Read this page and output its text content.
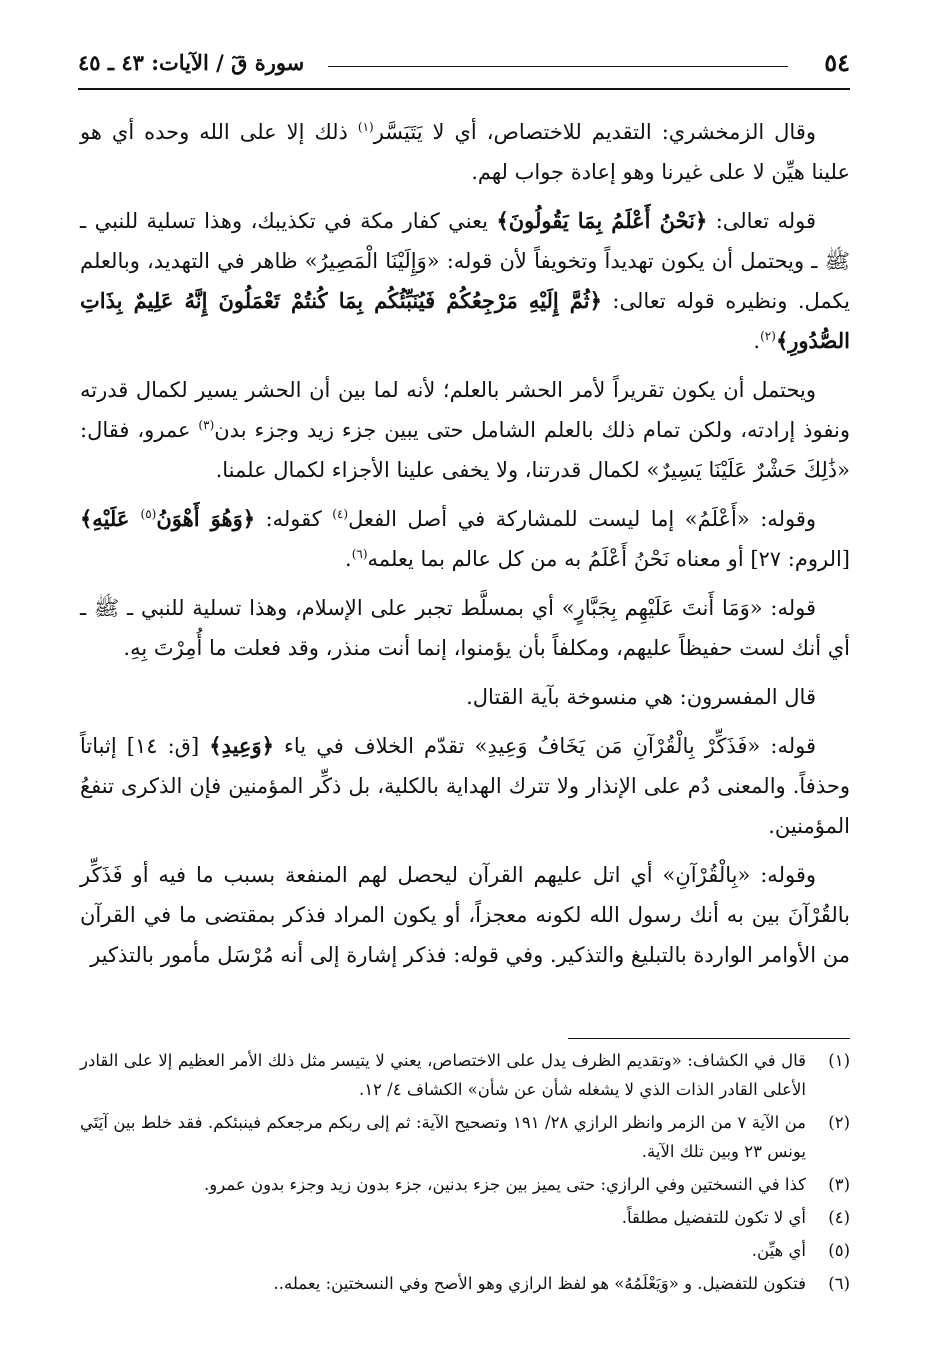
٥٤
سورة قٓ / الآيات: ٤٣ ـ ٤٥

وقال الزمخشري: التقديم للاختصاص، أي لا يَتَيَسَّر$^{(١)}$ ذلك إلا على الله وحده أي هو علينا هيِّن لا على غيرنا وهو إعادة جواب لهم.

قوله تعالى: ﴿نَحْنُ أَعْلَمُ بِمَا يَقُولُونَ﴾ يعني كفار مكة في تكذيبك، وهذا تسلية للنبي ـ ﷺ ـ ويحتمل أن يكون تهديداً وتخويفاً لأن قوله: «وَإِلَيْنَا الْمَصِيرُ» ظاهر في التهديد، وبالعلم يكمل. ونظيره قوله تعالى: ﴿ثُمَّ إِلَيْهِ مَرْجِعُكُمْ فَيُنَبِّئُكُم بِمَا كُنتُمْ تَعْمَلُونَ إِنَّهُ عَلِيمٌ بِذَاتِ الصُّدُورِ﴾$^{(٢)}$.

ويحتمل أن يكون تقريراً لأمر الحشر بالعلم؛ لأنه لما بين أن الحشر يسير لكمال قدرته ونفوذ إرادته، ولكن تمام ذلك بالعلم الشامل حتى يبين جزء زيد وجزء بدن$^{(٣)}$ عمرو، فقال: «ذَٰلِكَ حَشْرٌ عَلَيْنَا يَسِيرٌ» لكمال قدرتنا، ولا يخفى علينا الأجزاء لكمال علمنا.

وقوله: «أَعْلَمُ» إما ليست للمشاركة في أصل الفعل$^{(٤)}$ كقوله: ﴿وَهُوَ أَهْوَنُ$^{(٥)}$ عَلَيْهِ﴾ [الروم: ٢٧] أو معناه نَحْنُ أَعْلَمُ به من كل عالم بما يعلمه$^{(٦)}$.

قوله: «وَمَا أَنتَ عَلَيْهِم بِجَبَّارٍ» أي بمسلَّط تجبر على الإسلام، وهذا تسلية للنبي ـ ﷺ ـ أي أنك لست حفيظاً عليهم، ومكلفاً بأن يؤمنوا، إنما أنت منذر، وقد فعلت ما أُمِرْتَ بِهِ.

قال المفسرون: هي منسوخة بآية القتال.

قوله: «فَذَكِّرْ بِالْقُرْآنِ مَن يَخَافُ وَعِيدِ» تقدّم الخلاف في ياء ﴿وَعِيدِ﴾ [ق: ١٤] إثباتاً وحذفاً. والمعنى دُم على الإنذار ولا تترك الهداية بالكلية، بل ذكِّر المؤمنين فإن الذكرى تنفعُ المؤمنين.

وقوله: «بِالْقُرْآنِ» أي اتل عليهم القرآن ليحصل لهم المنفعة بسبب ما فيه أو فَذَكِّر بالقُرْآنَ بين به أنك رسول الله لكونه معجزاً، أو يكون المراد فذكر بمقتضى ما في القرآن من الأوامر الواردة بالتبليغ والتذكير. وفي قوله: فذكر إشارة إلى أنه مُرْسَل مأمور بالتذكير

(١)
قال في الكشاف: «وتقديم الظرف يدل على الاختصاص، يعني لا يتيسر مثل ذلك الأمر العظيم إلا على القادر الأعلى القادر الذات الذي لا يشغله شأن عن شأن» الكشاف ٤/ ١٢.
(٢)
من الآية ٧ من الزمر وانظر الرازي ٢٨/ ١٩١ وتصحيح الآية: ثم إلى ربكم مرجعكم فينبئكم. فقد خلط بين آيَتَي يونس ٢٣ وبين تلك الآية.
(٣)
كذا في النسختين وفي الرازي: حتى يميز بين جزء بدنين، جزء بدون زيد وجزء بدون عمرو.
(٤)
أي لا تكون للتفضيل مطلقاً.
(٥)
أي هيِّن.
(٦)
فتكون للتفضيل. و «وَيَعْلَمُهُ» هو لفظ الرازي وهو الأصح وفي النسختين: يعمله..
